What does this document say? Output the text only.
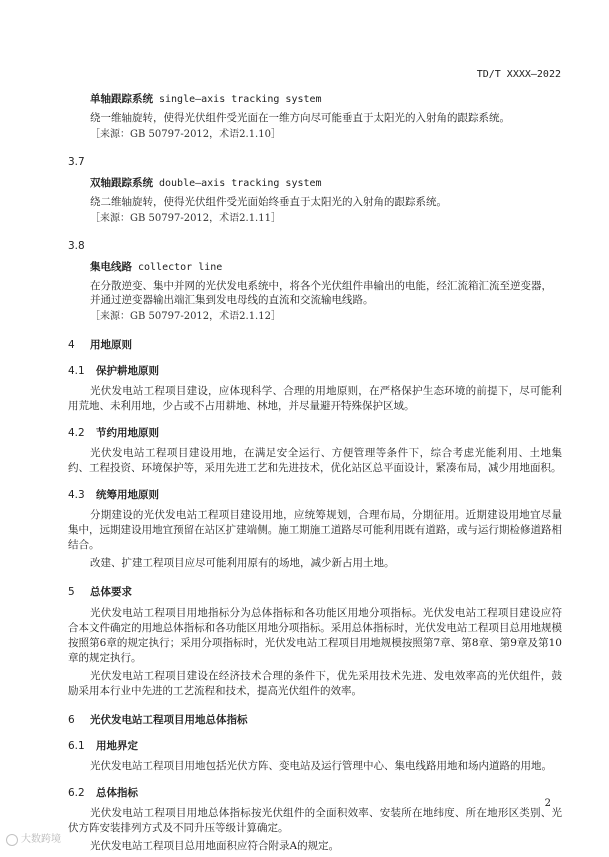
TD/T XXXX—2022
单轴跟踪系统 single—axis tracking system
绕一维轴旋转，使得光伏组件受光面在一维方向尽可能垂直于太阳光的入射角的跟踪系统。
［来源：GB 50797-2012，术语2.1.10］
3.7
双轴跟踪系统 double—axis tracking system
绕二维轴旋转，使得光伏组件受光面始终垂直于太阳光的入射角的跟踪系统。
［来源：GB 50797-2012，术语2.1.11］
3.8
集电线路 collector line
在分散逆变、集中并网的光伏发电系统中，将各个光伏组件串输出的电能，经汇流箱汇流至逆变器，并通过逆变器输出端汇集到发电母线的直流和交流输电线路。
［来源：GB 50797-2012，术语2.1.12］
4 用地原则
4.1 保护耕地原则

光伏发电站工程项目建设，应体现科学、合理的用地原则，在严格保护生态环境的前提下，尽可能利用荒地、未利用地，少占或不占用耕地、林地，并尽量避开特殊保护区域。

4.2 节约用地原则

光伏发电站工程项目建设用地，在满足安全运行、方便管理等条件下，综合考虑光能利用、土地集约、工程投资、环境保护等，采用先进工艺和先进技术，优化站区总平面设计，紧凑布局，减少用地面积。

4.3 统筹用地原则

分期建设的光伏发电站工程项目建设用地，应统筹规划，合理布局，分期征用。近期建设用地宜尽量集中，远期建设用地宜预留在站区扩建端侧。施工期施工道路尽可能利用既有道路，或与运行期检修道路相结合。

改建、扩建工程项目应尽可能利用原有的场地，减少新占用土地。

5 总体要求

光伏发电站工程项目用地指标分为总体指标和各功能区用地分项指标。光伏发电站工程项目建设应符合本文件确定的用地总体指标和各功能区用地分项指标。采用总体指标时，光伏发电站工程项目总用地规模按照第6章的规定执行；采用分项指标时，光伏发电站工程项目用地规模按照第7章、第8章、第9章及第10章的规定执行。

光伏发电站工程项目建设在经济技术合理的条件下，优先采用技术先进、发电效率高的光伏组件，鼓励采用本行业中先进的工艺流程和技术，提高光伏组件的效率。

6 光伏发电站工程项目用地总体指标
6.1 用地界定

光伏发电站工程项目用地包括光伏方阵、变电站及运行管理中心、集电线路用地和场内道路的用地。

6.2 总体指标

光伏发电站工程项目用地总体指标按光伏组件的全面积效率、安装所在地纬度、所在地形区类别、光伏方阵安装排列方式及不同升压等级计算确定。

光伏发电站工程项目总用地面积应符合附录A的规定。

2
大数跨境
